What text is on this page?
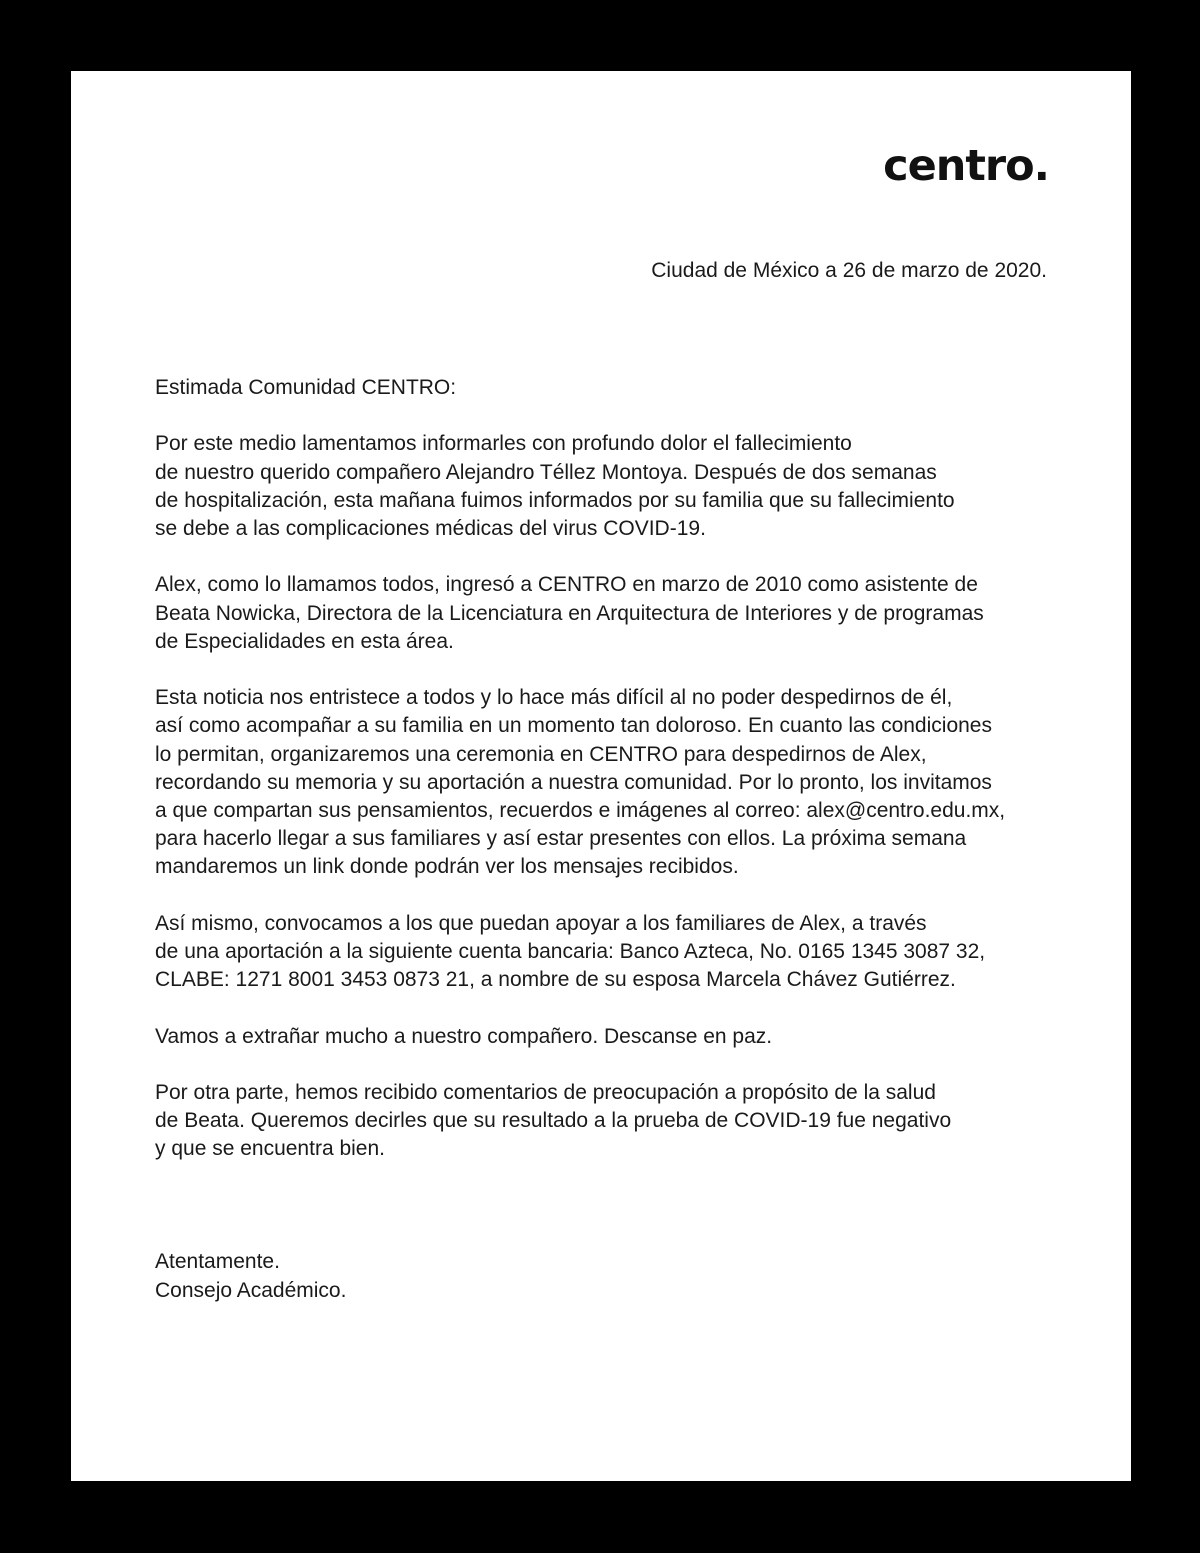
centro.
Ciudad de México a 26 de marzo de 2020.

Estimada Comunidad CENTRO:

Por este medio lamentamos informarles con profundo dolor el fallecimiento
de nuestro querido compañero Alejandro Téllez Montoya. Después de dos semanas
de hospitalización, esta mañana fuimos informados por su familia que su fallecimiento
se debe a las complicaciones médicas del virus COVID-19.

Alex, como lo llamamos todos, ingresó a CENTRO en marzo de 2010 como asistente de
Beata Nowicka, Directora de la Licenciatura en Arquitectura de Interiores y de programas
de Especialidades en esta área.

Esta noticia nos entristece a todos y lo hace más difícil al no poder despedirnos de él,
así como acompañar a su familia en un momento tan doloroso. En cuanto las condiciones
lo permitan, organizaremos una ceremonia en CENTRO para despedirnos de Alex,
recordando su memoria y su aportación a nuestra comunidad. Por lo pronto, los invitamos
a que compartan sus pensamientos, recuerdos e imágenes al correo: alex@centro.edu.mx,
para hacerlo llegar a sus familiares y así estar presentes con ellos. La próxima semana
mandaremos un link donde podrán ver los mensajes recibidos.

Así mismo, convocamos a los que puedan apoyar a los familiares de Alex, a través
de una aportación a la siguiente cuenta bancaria: Banco Azteca, No. 0165 1345 3087 32,
CLABE: 1271 8001 3453 0873 21, a nombre de su esposa Marcela Chávez Gutiérrez.

Vamos a extrañar mucho a nuestro compañero. Descanse en paz.

Por otra parte, hemos recibido comentarios de preocupación a propósito de la salud
de Beata. Queremos decirles que su resultado a la prueba de COVID-19 fue negativo
y que se encuentra bien.

Atentamente.
Consejo Académico.
